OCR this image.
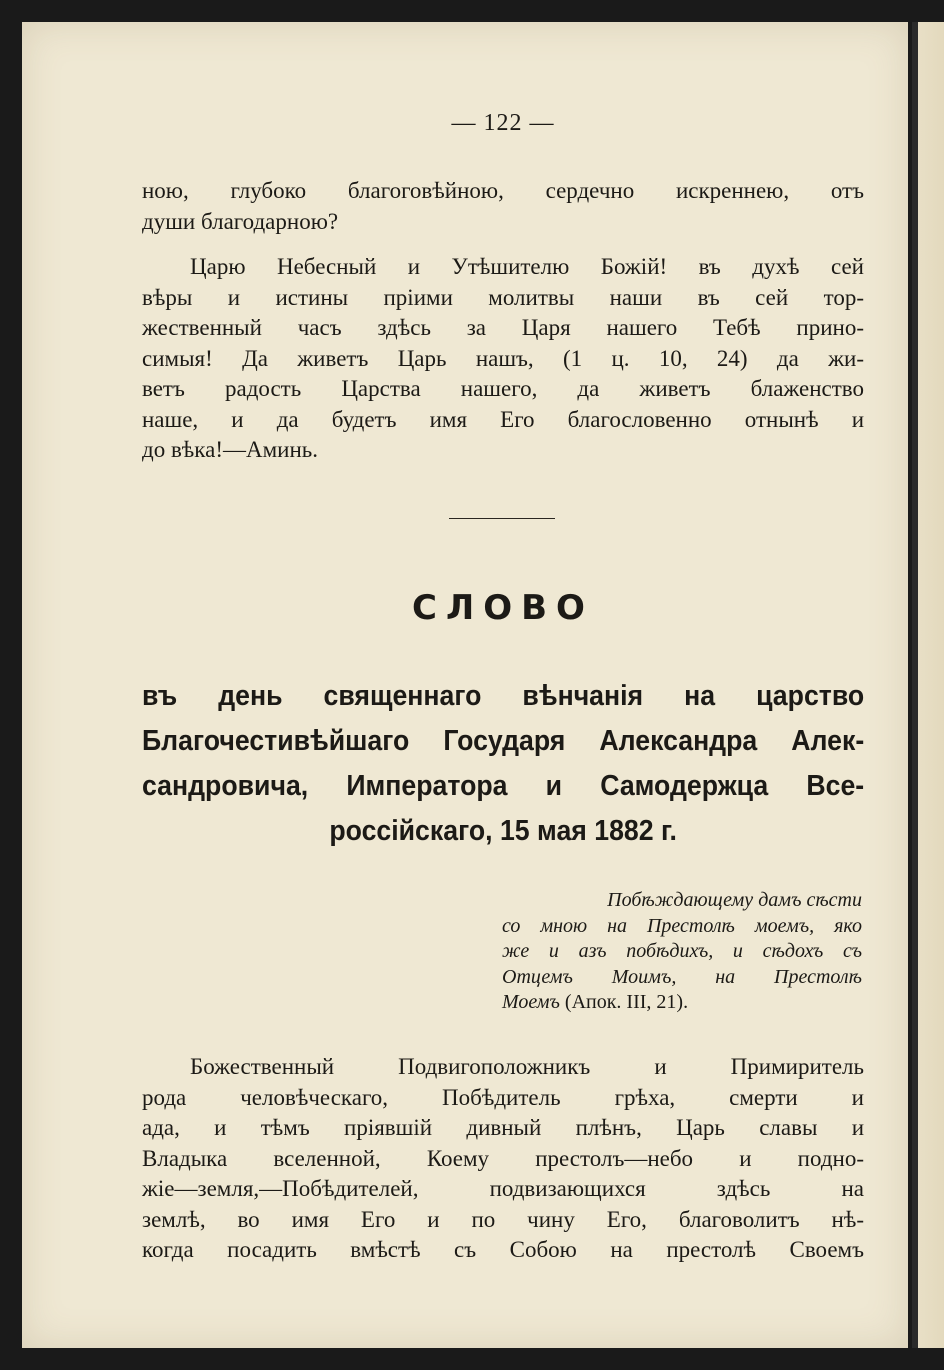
— 122 —
ною, глубоко благоговѣйною, сердечно искреннею, отъ
души благодарною?
Царю Небесный и Утѣшителю Божій! въ духѣ сей
вѣры и истины пріими молитвы наши въ сей тор-
жественный часъ здѣсь за Царя нашего Тебѣ прино-
симыя! Да живетъ Царь нашъ, (1 ц. 10, 24) да жи-
ветъ радость Царства нашего, да живетъ блаженство
наше, и да будетъ имя Его благословенно отнынѣ и
до вѣка!—Аминь.
СЛОВО
въ день священнаго вѣнчанія на царство
Благочестивѣйшаго Государя Александра Алек-
сандровича, Императора и Самодержца Все-
россійскаго, 15 мая 1882 г.
Побѣждающему дамъ сѣсти
со мною на Престолѣ моемъ, яко
же и азъ побѣдихъ, и сѣдохъ съ
Отцемъ Моимъ, на Престолѣ
Моемъ (Апок. III, 21).
Божественный Подвигоположникъ и Примиритель
рода человѣческаго, Побѣдитель грѣха, смерти и
ада, и тѣмъ пріявшій дивный плѣнъ, Царь славы и
Владыка вселенной, Коему престолъ—небо и подно-
жіе—земля,—Побѣдителей, подвизающихся здѣсь на
землѣ, во имя Его и по чину Его, благоволитъ нѣ-
когда посадить вмѣстѣ съ Собою на престолѣ Своемъ
